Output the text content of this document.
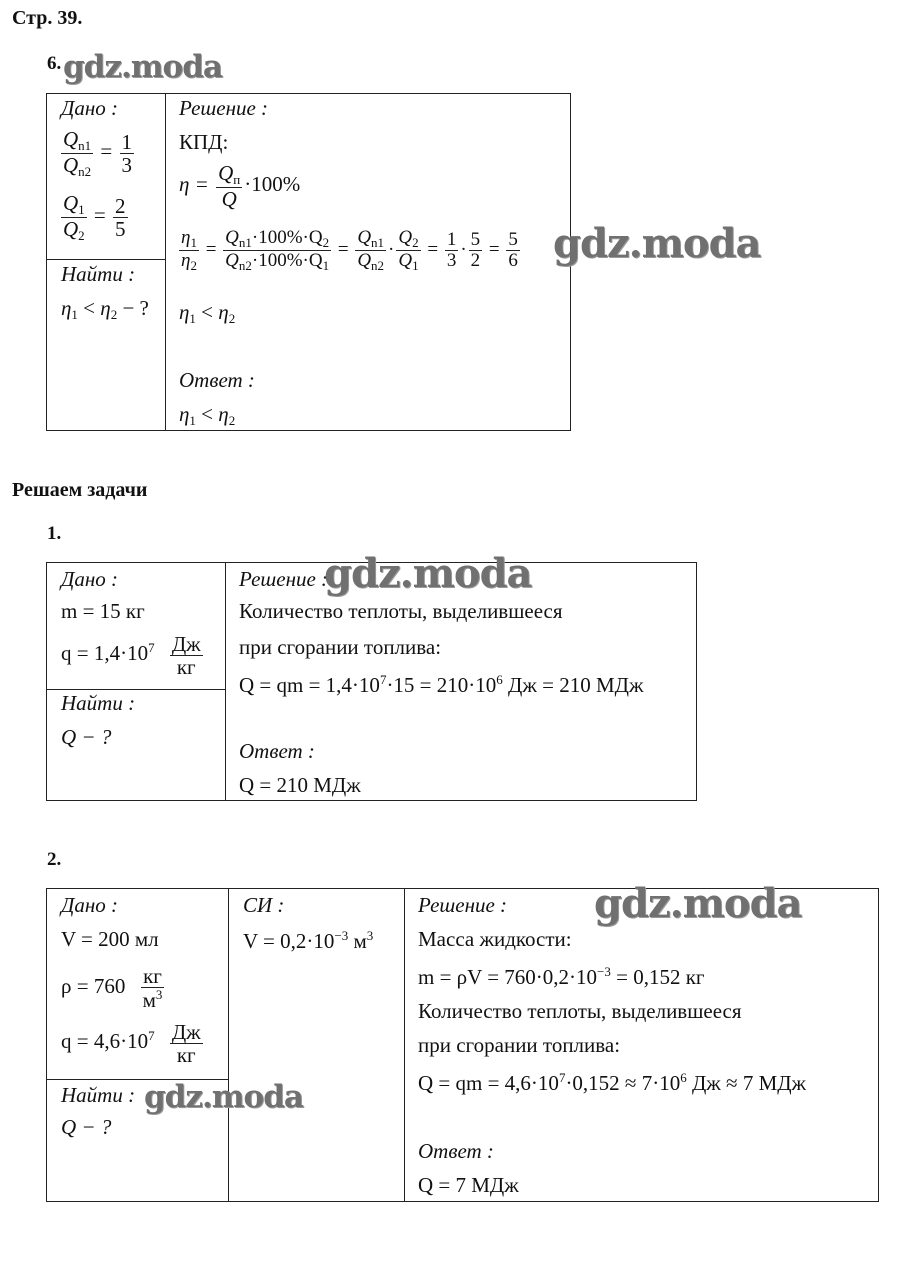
Стр. 39.
6. gdz.moda
Дано :
$\frac{Q_{n1}}{Q_{n2}} = \frac{1}{3}$
$\frac{Q_1}{Q_2} = \frac{2}{5}$
Найти :
$\eta_1 < \eta_2$ − ?
Решение :
КПД:
$\eta = \frac{Q_п}{Q} \cdot 100\%$
$\frac{\eta_1}{\eta_2} = \frac{Q_{n1}\cdot 100\%\cdot Q_2}{Q_{n2}\cdot 100\%\cdot Q_1} = \frac{Q_{n1}}{Q_{n2}} \cdot \frac{Q_2}{Q_1} = \frac{1}{3} \cdot \frac{5}{2} = \frac{5}{6}$
$\eta_1 < \eta_2$
Ответ :
$\eta_1 < \eta_2$
gdz.moda
Решаем задачи
1.
Дано :
m = 15 кг
$q = 1,4\cdot 10^7 \frac{Дж}{кг}$
Найти :
Q − ?
Решение :
Количество теплоты, выделившееся
при сгорании топлива:
Q = qm = $1,4\cdot 10^7\cdot 15 = 210\cdot 10^6$ Дж = 210 МДж
Ответ :
Q = 210 МДж
gdz.moda
2.
Дано :
V = 200 мл
$\rho = 760 \frac{кг}{м^3}$
$q = 4,6\cdot 10^7 \frac{Дж}{кг}$
Найти :
Q − ?
СИ :
$V = 0,2\cdot 10^{-3}$ $м^3$
Решение :
Масса жидкости:
$m = \rho V = 760\cdot 0,2\cdot 10^{-3} = 0,152$ кг
Количество теплоты, выделившееся
при сгорании топлива:
Q = qm = $4,6\cdot 10^7\cdot 0,152 \approx 7\cdot 10^6$ Дж ≈ 7 МДж
Ответ :
Q = 7 МДж
gdz.moda
gdz.moda
